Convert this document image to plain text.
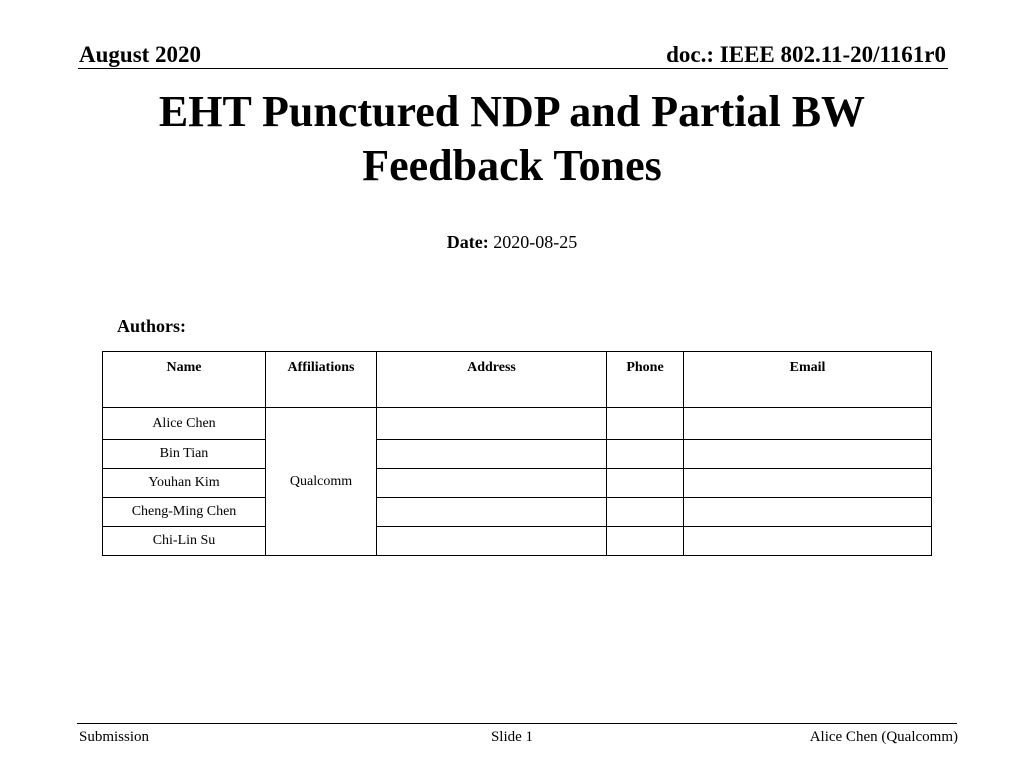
August 2020	doc.: IEEE 802.11-20/1161r0
EHT Punctured NDP and Partial BW
Feedback Tones
Date: 2020-08-25
Authors:
Name	Affiliations	Address	Phone	Email
Alice Chen	Qualcomm			
Bin Tian				
Youhan Kim				
Cheng-Ming Chen				
Chi-Lin Su				
Submission	Slide 1	Alice Chen (Qualcomm)
